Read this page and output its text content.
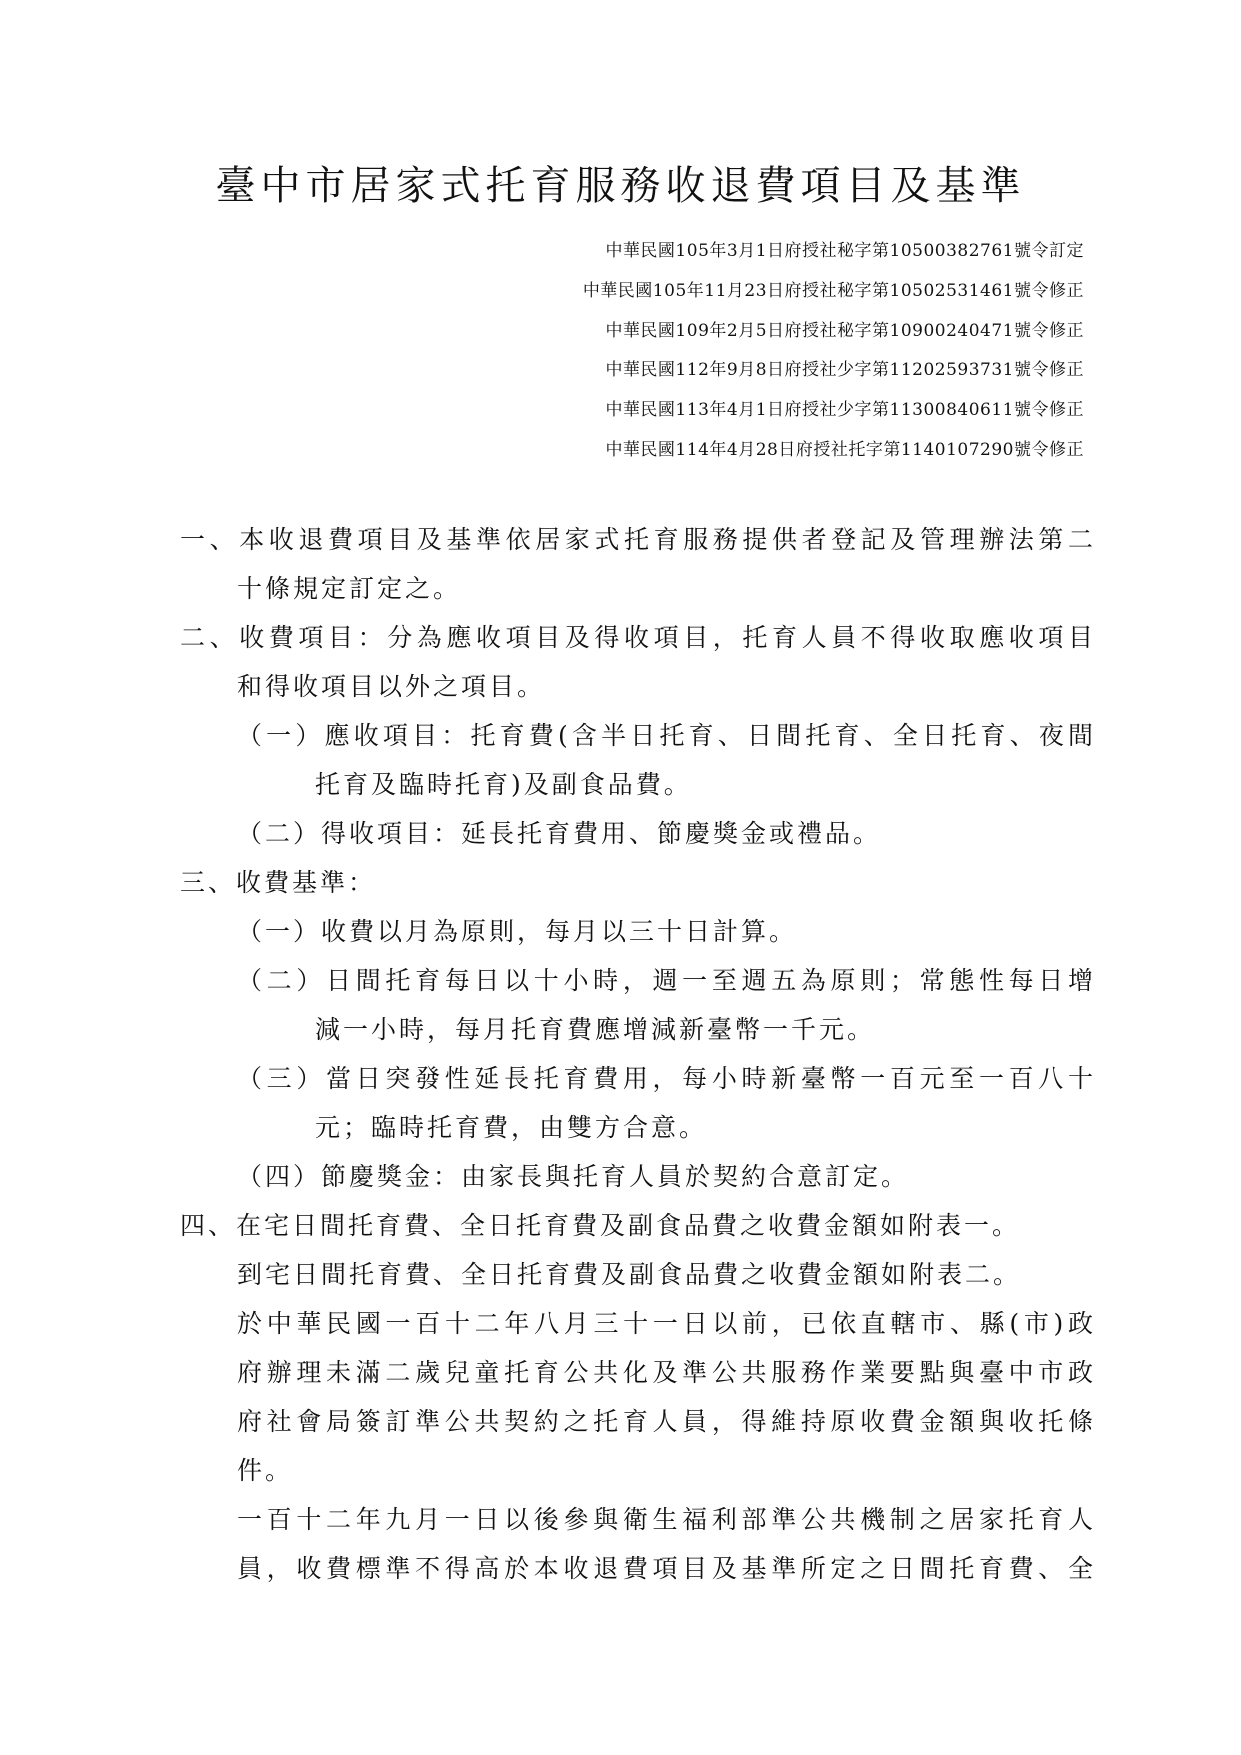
臺中市居家式托育服務收退費項目及基準
中華民國105年3月1日府授社秘字第10500382761號令訂定
中華民國105年11月23日府授社秘字第10502531461號令修正
中華民國109年2月5日府授社秘字第10900240471號令修正
中華民國112年9月8日府授社少字第11202593731號令修正
中華民國113年4月1日府授社少字第11300840611號令修正
中華民國114年4月28日府授社托字第1140107290號令修正
一、本收退費項目及基準依居家式托育服務提供者登記及管理辦法第二
十條規定訂定之。
二、收費項目：分為應收項目及得收項目，托育人員不得收取應收項目
和得收項目以外之項目。
（一）應收項目：托育費(含半日托育、日間托育、全日托育、夜間
托育及臨時托育)及副食品費。
（二）得收項目：延長托育費用、節慶獎金或禮品。
三、收費基準：
（一）收費以月為原則，每月以三十日計算。
（二）日間托育每日以十小時，週一至週五為原則；常態性每日增
減一小時，每月托育費應增減新臺幣一千元。
（三）當日突發性延長托育費用，每小時新臺幣一百元至一百八十
元；臨時托育費，由雙方合意。
（四）節慶獎金：由家長與托育人員於契約合意訂定。
四、在宅日間托育費、全日托育費及副食品費之收費金額如附表一。
到宅日間托育費、全日托育費及副食品費之收費金額如附表二。
於中華民國一百十二年八月三十一日以前，已依直轄市、縣(市)政
府辦理未滿二歲兒童托育公共化及準公共服務作業要點與臺中市政
府社會局簽訂準公共契約之托育人員，得維持原收費金額與收托條
件。
一百十二年九月一日以後參與衛生福利部準公共機制之居家托育人
員，收費標準不得高於本收退費項目及基準所定之日間托育費、全
